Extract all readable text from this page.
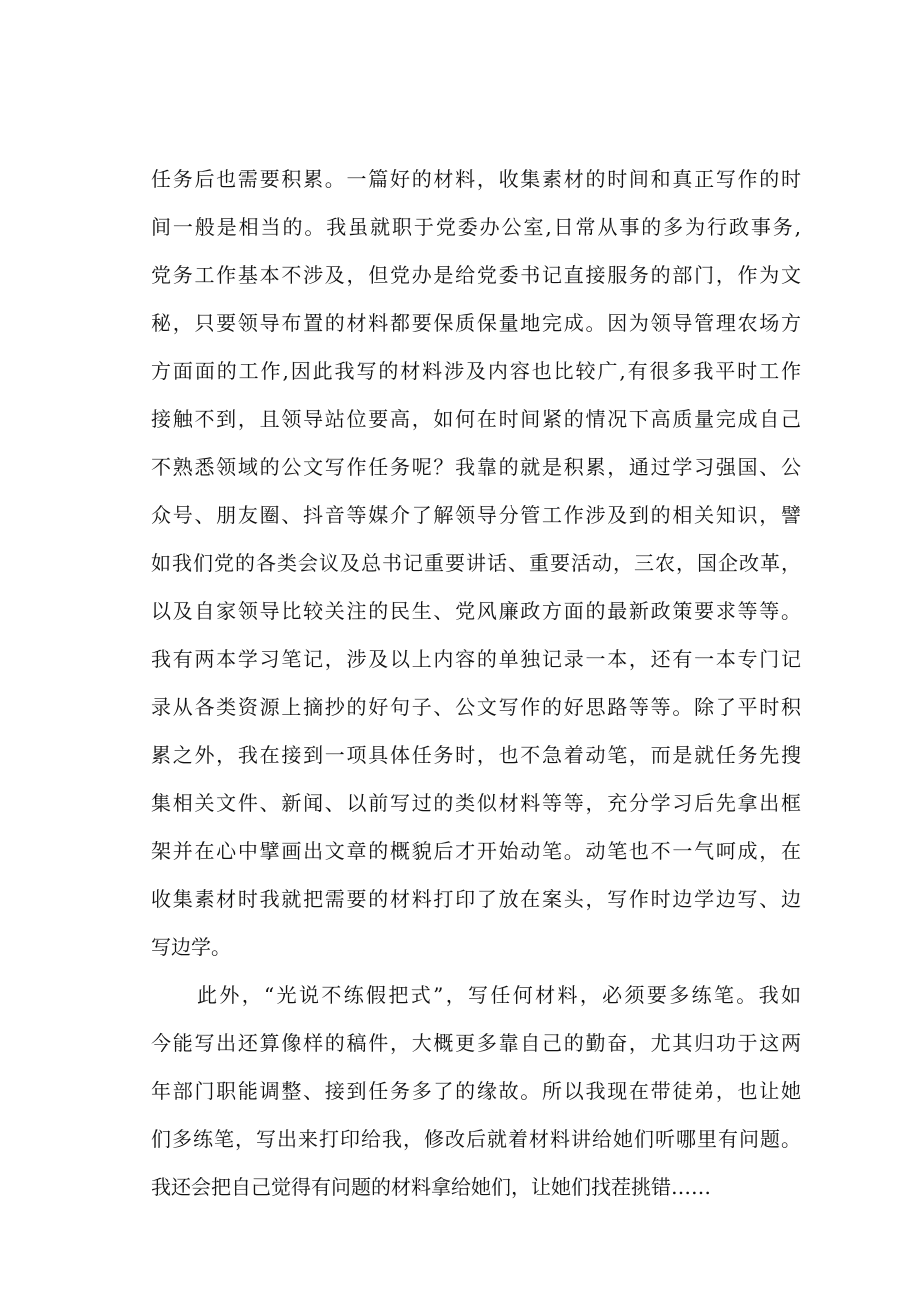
任务后也需要积累。一篇好的材料，收集素材的时间和真正写作的时
间一般是相当的。我虽就职于党委办公室,日常从事的多为行政事务,
党务工作基本不涉及，但党办是给党委书记直接服务的部门，作为文
秘，只要领导布置的材料都要保质保量地完成。因为领导管理农场方
方面面的工作,因此我写的材料涉及内容也比较广,有很多我平时工作
接触不到，且领导站位要高，如何在时间紧的情况下高质量完成自己
不熟悉领域的公文写作任务呢？我靠的就是积累，通过学习强国、公
众号、朋友圈、抖音等媒介了解领导分管工作涉及到的相关知识，譬
如我们党的各类会议及总书记重要讲话、重要活动，三农，国企改革，
以及自家领导比较关注的民生、党风廉政方面的最新政策要求等等。
我有两本学习笔记，涉及以上内容的单独记录一本，还有一本专门记
录从各类资源上摘抄的好句子、公文写作的好思路等等。除了平时积
累之外，我在接到一项具体任务时，也不急着动笔，而是就任务先搜
集相关文件、新闻、以前写过的类似材料等等，充分学习后先拿出框
架并在心中擘画出文章的概貌后才开始动笔。动笔也不一气呵成，在
收集素材时我就把需要的材料打印了放在案头，写作时边学边写、边
写边学。
此外，“光说不练假把式”，写任何材料，必须要多练笔。我如
今能写出还算像样的稿件，大概更多靠自己的勤奋，尤其归功于这两
年部门职能调整、接到任务多了的缘故。所以我现在带徒弟，也让她
们多练笔，写出来打印给我，修改后就着材料讲给她们听哪里有问题。
我还会把自己觉得有问题的材料拿给她们，让她们找茬挑错……
